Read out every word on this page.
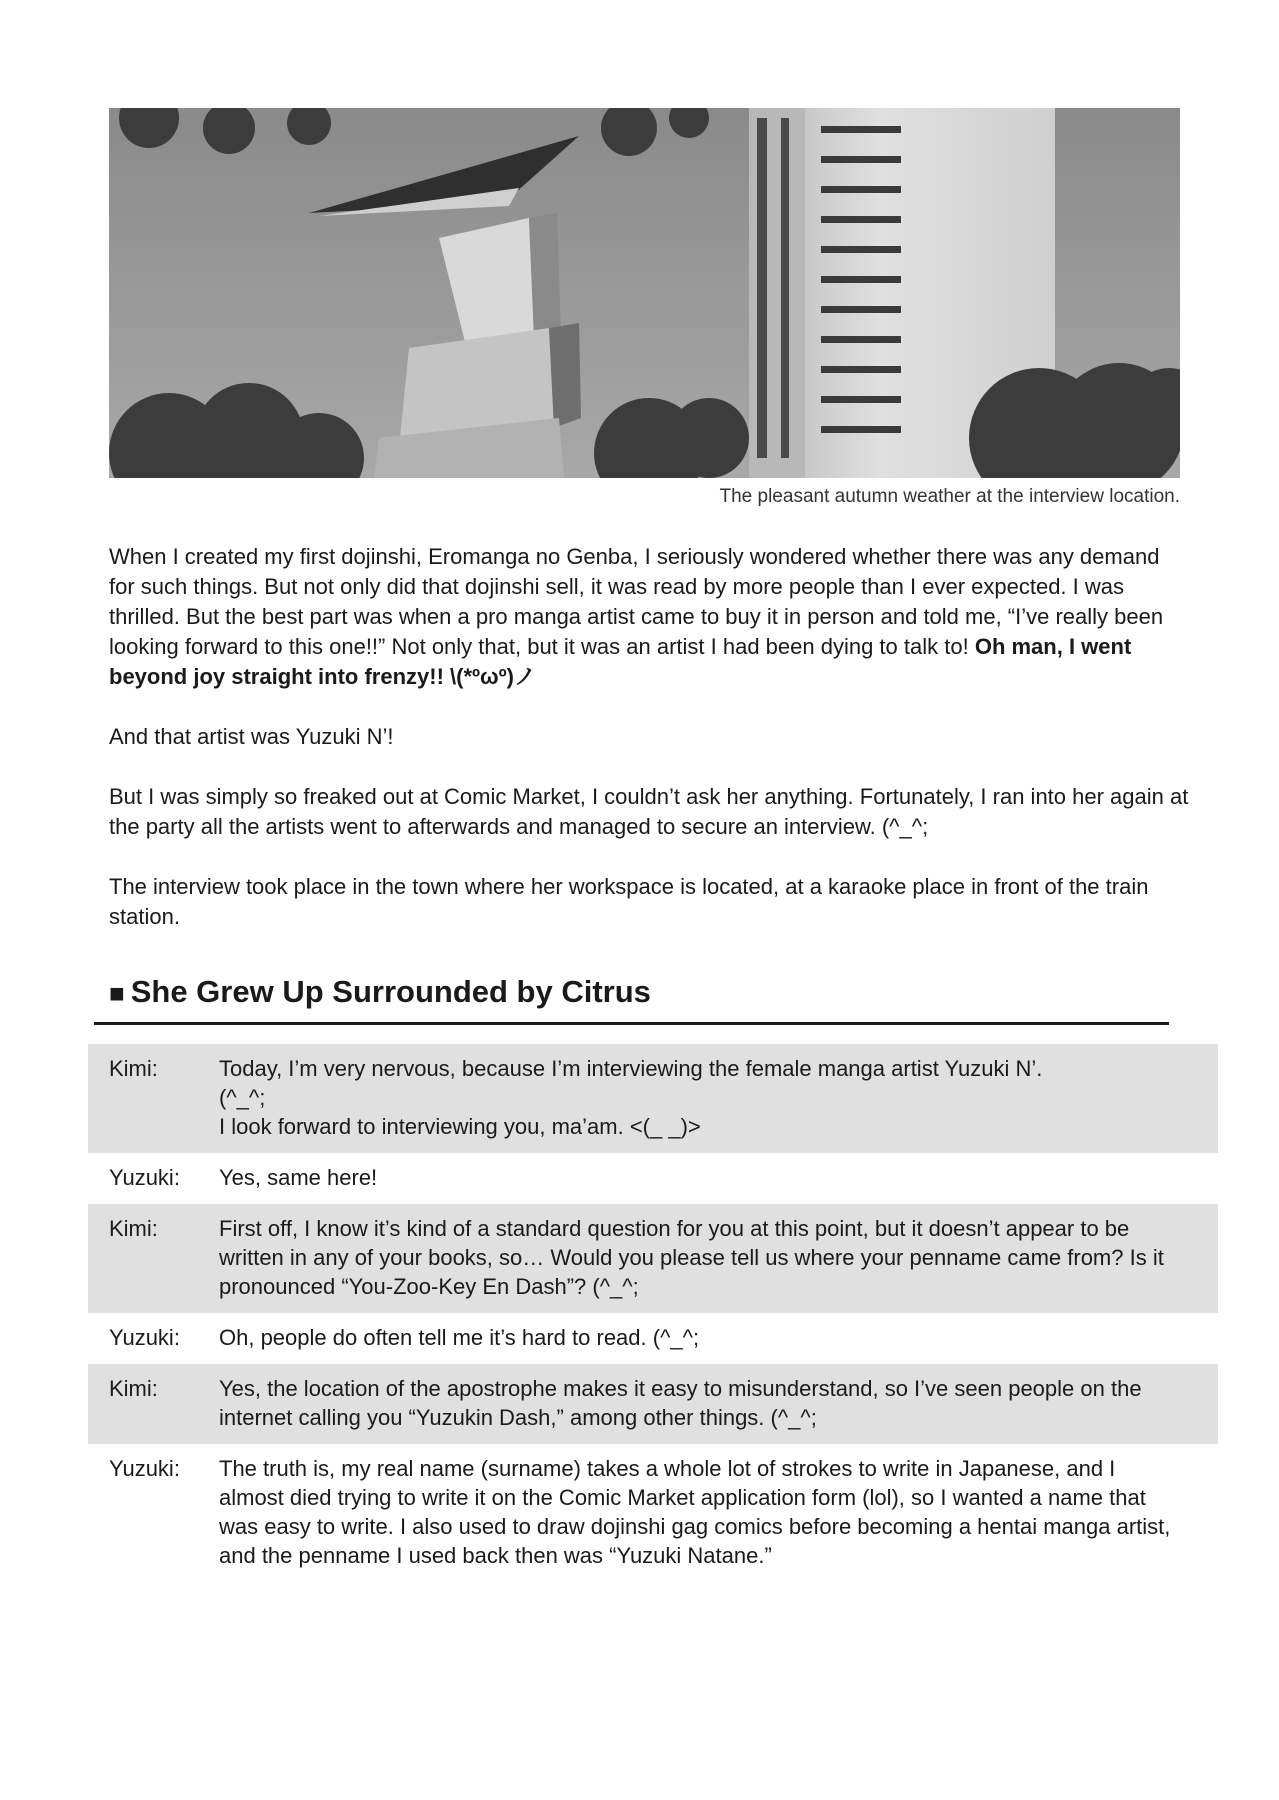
The pleasant autumn weather at the interview location.

When I created my first dojinshi, Eromanga no Genba, I seriously wondered whether there was any demand for such things. But not only did that dojinshi sell, it was read by more people than I ever expected. I was thrilled. But the best part was when a pro manga artist came to buy it in person and told me, “I’ve really been looking forward to this one!!” Not only that, but it was an artist I had been dying to talk to! Oh man, I went beyond joy straight into frenzy!! \(*ºωº)ノ

And that artist was Yuzuki N’!

But I was simply so freaked out at Comic Market, I couldn’t ask her anything. Fortunately, I ran into her again at the party all the artists went to afterwards and managed to secure an interview. (^_^;

The interview took place in the town where her workspace is located, at a karaoke place in front of the train station.

■ She Grew Up Surrounded by Citrus
Kimi:	Today, I’m very nervous, because I’m interviewing the female manga artist Yuzuki N’.
(^_^;
I look forward to interviewing you, ma’am. <(_ _)>
Yuzuki:	Yes, same here!
Kimi:	First off, I know it’s kind of a standard question for you at this point, but it doesn’t appear to be written in any of your books, so… Would you please tell us where your penname came from? Is it pronounced “You-Zoo-Key En Dash”? (^_^;
Yuzuki:	Oh, people do often tell me it’s hard to read. (^_^;
Kimi:	Yes, the location of the apostrophe makes it easy to misunderstand, so I’ve seen people on the internet calling you “Yuzukin Dash,” among other things. (^_^;
Yuzuki:	The truth is, my real name (surname) takes a whole lot of strokes to write in Japanese, and I almost died trying to write it on the Comic Market application form (lol), so I wanted a name that was easy to write. I also used to draw dojinshi gag comics before becoming a hentai manga artist, and the penname I used back then was “Yuzuki Natane.”
